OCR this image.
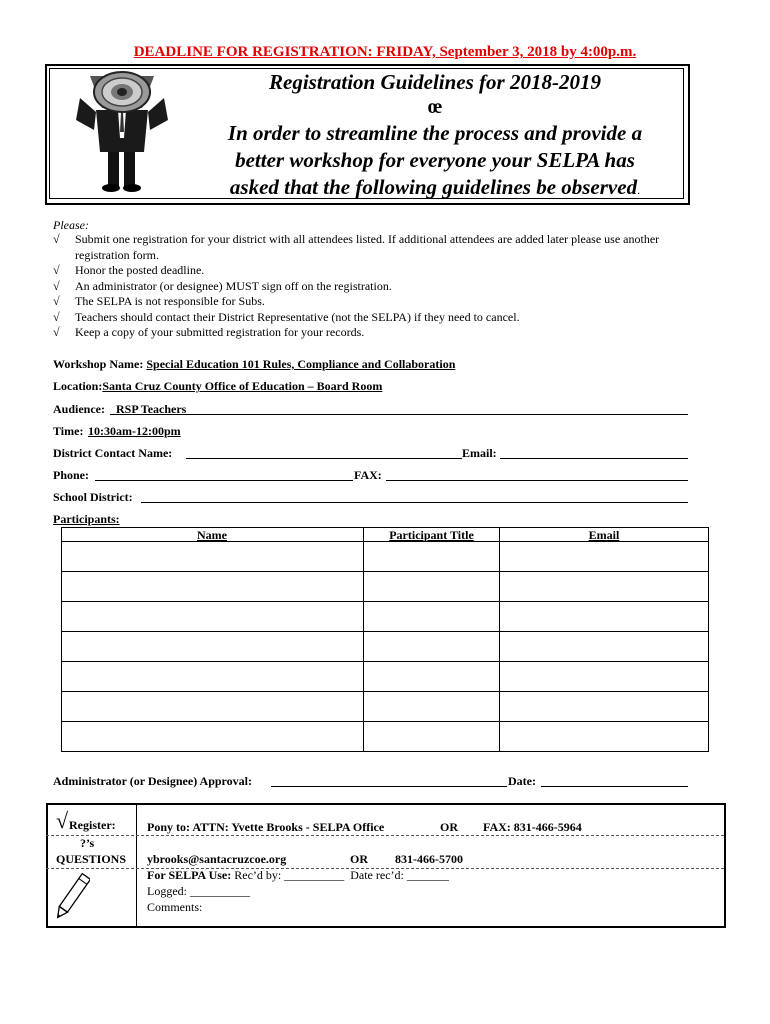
DEADLINE FOR REGISTRATION: FRIDAY, September 3, 2018 by 4:00p.m.
Registration Guidelines for 2018-2019
œ
In order to streamline the process and provide a
better workshop for everyone your SELPA has
asked that the following guidelines be observed.
Please:
√	Submit one registration for your district with all attendees listed. If additional attendees are added later please use another
registration form.
√	Honor the posted deadline.
√	An administrator (or designee) MUST sign off on the registration.
√	The SELPA is not responsible for Subs.
√	Teachers should contact their District Representative (not the SELPA) if they need to cancel.
√	Keep a copy of your submitted registration for your records.
Workshop Name: Special Education 101 Rules, Compliance and Collaboration
Location:Santa Cruz County Office of Education – Board Room
Audience: RSP Teachers
Time: 10:30am-12:00pm
District Contact Name:	Email:
Phone:	FAX:
School District:
Participants:
Name	Participant Title	Email

Administrator (or Designee) Approval:	Date:
√ Register:
?’s
QUESTIONS
Pony to: ATTN: Yvette Brooks - SELPA Office	OR FAX: 831-466-5964
ybrooks@santacruzcoe.org	OR 831-466-5700
For SELPA Use: Rec’d by: __________ Date rec’d: _______
Logged: __________
Comments:
